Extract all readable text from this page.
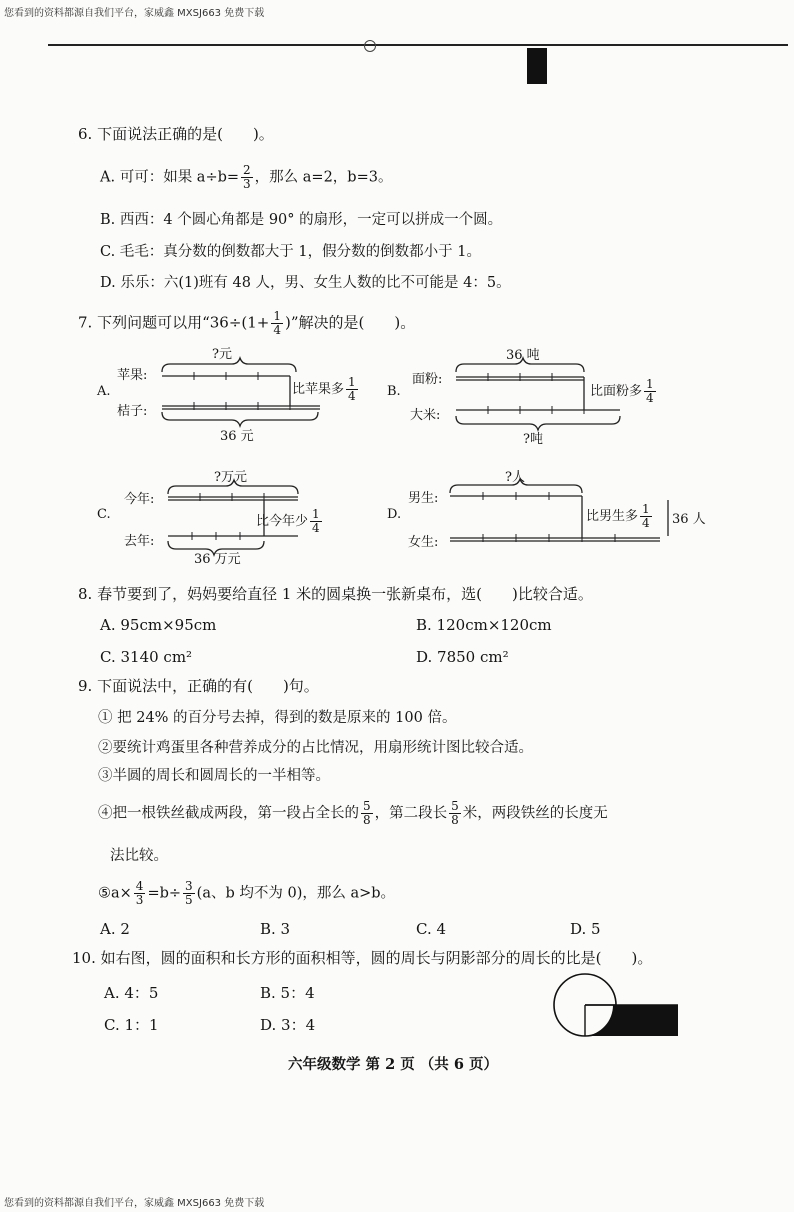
您看到的资料都源自我们平台，家威鑫 MXSJ663 免费下载
您看到的资料都源自我们平台，家威鑫 MXSJ663 免费下载
6. 下面说法正确的是( )。
A. 可可：如果 $a\div b= \frac{2}{3}$ ，那么 a=2，b=3。
B. 西西：4 个圆心角都是 90° 的扇形，一定可以拼成一个圆。
C. 毛毛：真分数的倒数都大于 1，假分数的倒数都小于 1。
D. 乐乐：六(1)班有 48 人，男、女生人数的比不可能是 4：5。
7. 下列问题可以用“$36\div(1+ \frac{1}{4}$ )”解决的是( )。
A.
苹果:
桔子:
?元
36 元
比苹果多 $\frac{1}{4} B$.
面粉:
大米:
36 吨
?吨
比面粉多 $\frac{1}{4}$
C.
今年:
去年:
?万元
36 万元
比今年少 $\frac{1}{4}$	D.
男生:
女生:
?人
比男生多 $\frac{1}{4} 36$ 人
8. 春节要到了，妈妈要给直径 1 米的圆桌换一张新桌布，选( )比较合适。
A. 95cm×95cm	B. 120cm×120cm
C. 3140 cm²	D. 7850 cm²
9. 下面说法中，正确的有( )句。
① 把 24% 的百分号去掉，得到的数是原来的 100 倍。
②要统计鸡蛋里各种营养成分的占比情况，用扇形统计图比较合适。
③半圆的周长和圆周长的一半相等。
④把一根铁丝截成两段，第一段占全长的 $\frac{5}{8}$ ，第二段长 $\frac{5}{8}$ 米，两段铁丝的长度无
法比较。
⑤a× $\frac{4}{3} =b\div \frac{3}{5} (a$、b 均不为 0)，那么 a>b。
A. 2	B. 3	C. 4	D. 5
10. 如右图，圆的面积和长方形的面积相等，圆的周长与阴影部分的周长的比是( )。
A. 4：5	B. 5：4
C. 1：1	D. 3：4
六年级数学 第 2 页 （共 6 页）
